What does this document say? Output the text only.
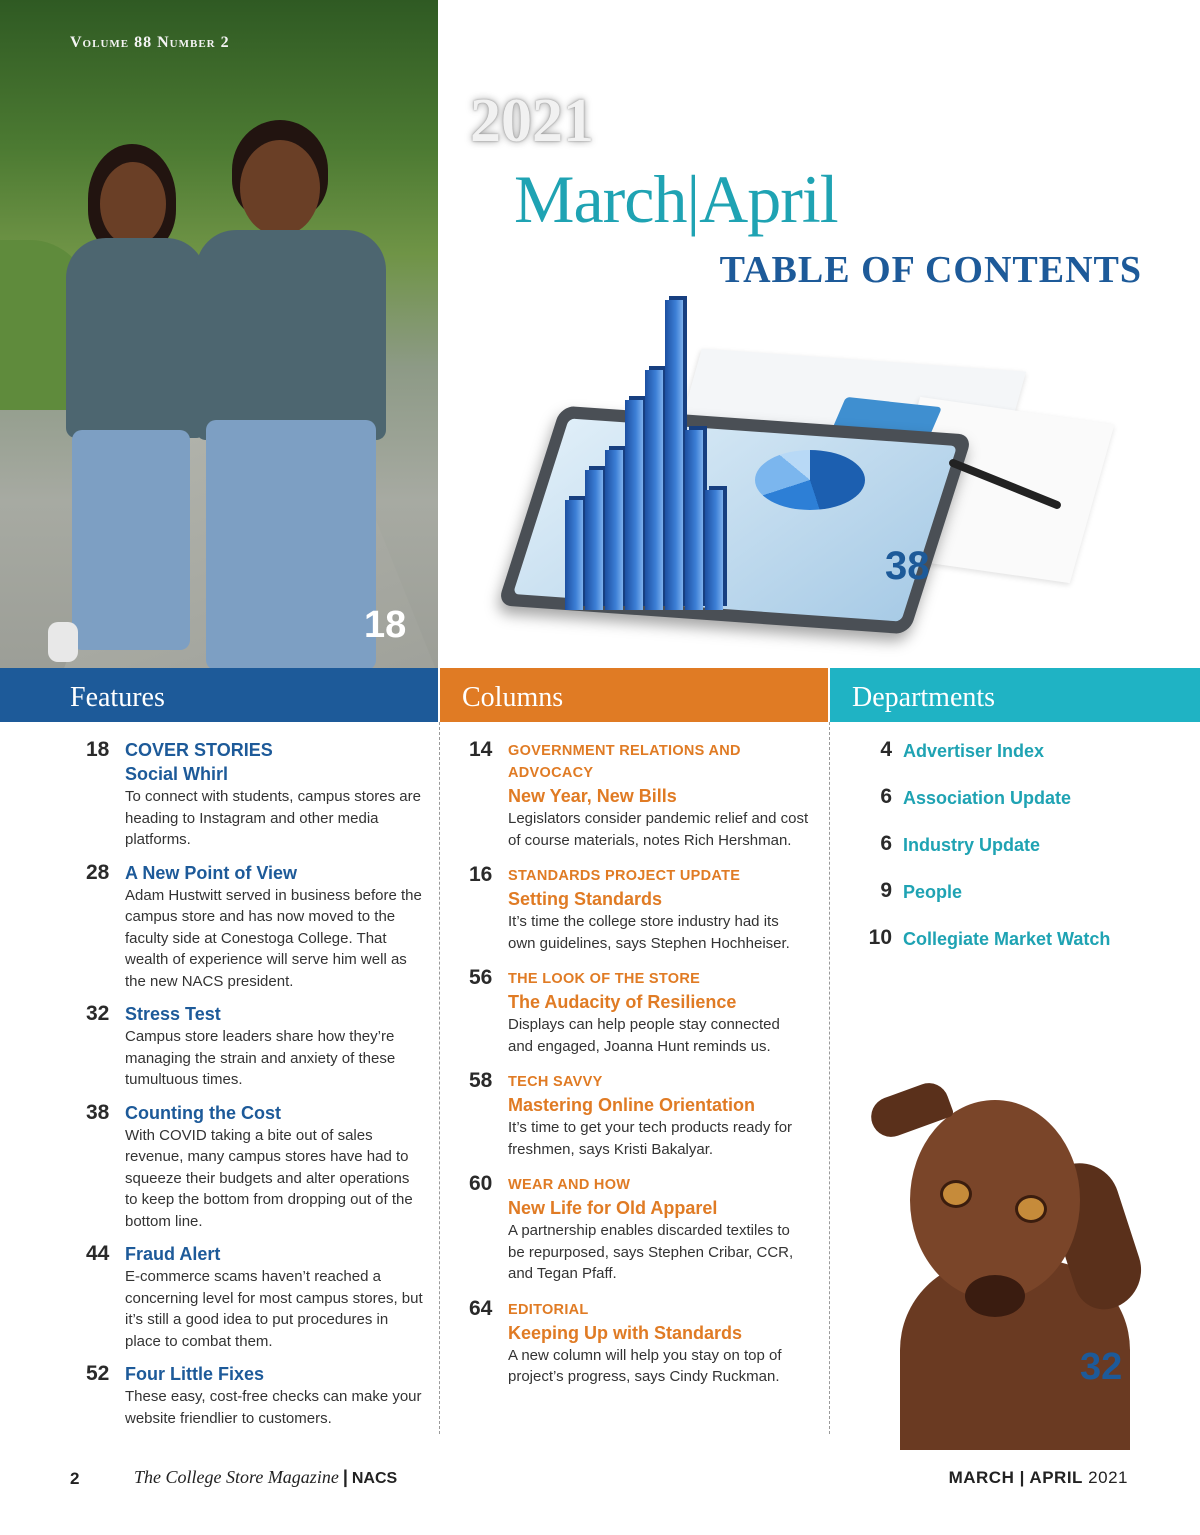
Volume 88 Number 2
18
2021
March|April
TABLE OF CONTENTS
38
Features	Columns	Departments
18 COVER STORIES
Social Whirl
To connect with students, campus stores are heading to Instagram and other media platforms.
28 A New Point of View
Adam Hustwitt served in business before the campus store and has now moved to the faculty side at Conestoga College. That wealth of experience will serve him well as the new NACS president.
32 Stress Test
Campus store leaders share how they’re managing the strain and anxiety of these tumultuous times.
38 Counting the Cost
With COVID taking a bite out of sales revenue, many campus stores have had to squeeze their budgets and alter operations to keep the bottom from dropping out of the bottom line.
44 Fraud Alert
E-commerce scams haven’t reached a concerning level for most campus stores, but it’s still a good idea to put procedures in place to combat them.
52 Four Little Fixes
These easy, cost-free checks can make your website friendlier to customers.
14 GOVERNMENT RELATIONS AND ADVOCACY
New Year, New Bills
Legislators consider pandemic relief and cost of course materials, notes Rich Hershman.
16 STANDARDS PROJECT UPDATE
Setting Standards
It’s time the college store industry had its own guidelines, says Stephen Hochheiser.
56 THE LOOK OF THE STORE
The Audacity of Resilience
Displays can help people stay connected and engaged, Joanna Hunt reminds us.
58 TECH SAVVY
Mastering Online Orientation
It’s time to get your tech products ready for freshmen, says Kristi Bakalyar.
60 WEAR AND HOW
New Life for Old Apparel
A partnership enables discarded textiles to be repurposed, says Stephen Cribar, CCR, and Tegan Pfaff.
64 EDITORIAL
Keeping Up with Standards
A new column will help you stay on top of project’s progress, says Cindy Ruckman.
4 Advertiser Index
6 Association Update
6 Industry Update
9 People
10 Collegiate Market Watch
32
2	The College Store Magazine | NACS	MARCH | APRIL 2021
